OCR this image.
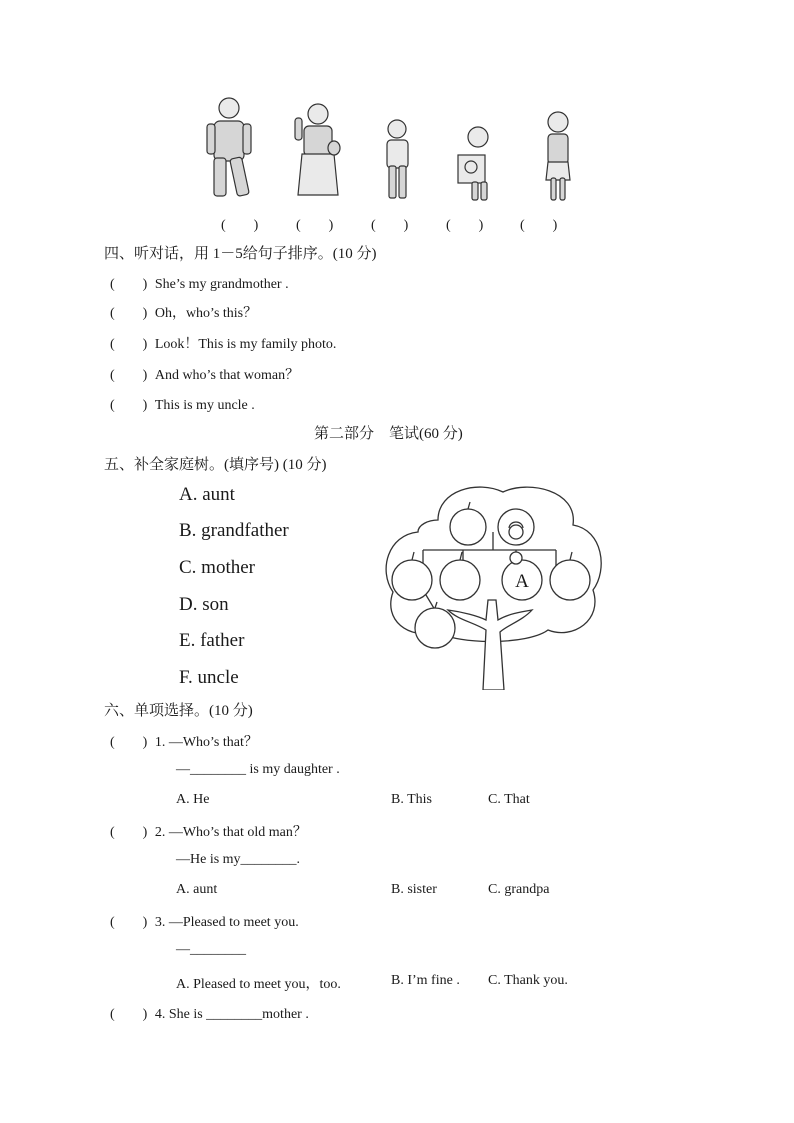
(　　)	(　　)	(　　)	(　　)	(　　)
四、听对话，用 1－5给句子排序。(10 分)
(　　) She’s my grandmother .
(　　) Oh，who’s this？
(　　) Look！This is my family photo.
(　　) And who’s that woman？
(　　) This is my uncle .
第二部分　笔试(60 分)
五、补全家庭树。(填序号) (10 分)
A. aunt
B. grandfather
C. mother
D. son
E. father
F. uncle
A
六、单项选择。(10 分)
(　　) 1. —Who’s that？
—________ is my daughter .
A. He	B. This	C. That
(　　) 2. —Who’s that old man？
—He is my________.
A. aunt	B. sister	C. grandpa
(　　) 3. —Pleased to meet you.
—________
A. Pleased to meet you，too.	B. I’m fine . C. Thank you.
(　　) 4. She is ________mother .
